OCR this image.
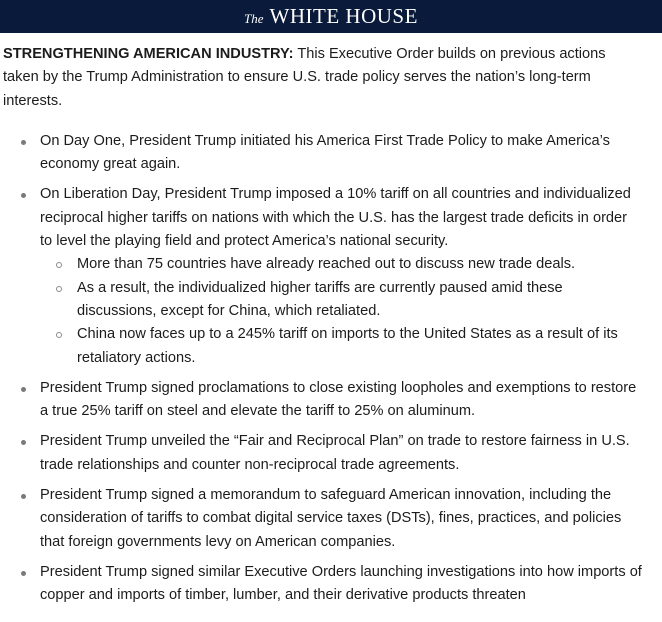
The WHITE HOUSE

STRENGTHENING AMERICAN INDUSTRY: This Executive Order builds on previous actions taken by the Trump Administration to ensure U.S. trade policy serves the nation’s long-term interests.

On Day One, President Trump initiated his America First Trade Policy to make America’s economy great again.
On Liberation Day, President Trump imposed a 10% tariff on all countries and individualized reciprocal higher tariffs on nations with which the U.S. has the largest trade deficits in order to level the playing field and protect America’s national security.
More than 75 countries have already reached out to discuss new trade deals.
As a result, the individualized higher tariffs are currently paused amid these discussions, except for China, which retaliated.
China now faces up to a 245% tariff on imports to the United States as a result of its retaliatory actions.
President Trump signed proclamations to close existing loopholes and exemptions to restore a true 25% tariff on steel and elevate the tariff to 25% on aluminum.
President Trump unveiled the “Fair and Reciprocal Plan” on trade to restore fairness in U.S. trade relationships and counter non-reciprocal trade agreements.
President Trump signed a memorandum to safeguard American innovation, including the consideration of tariffs to combat digital service taxes (DSTs), fines, practices, and policies that foreign governments levy on American companies.
President Trump signed similar Executive Orders launching investigations into how imports of copper and imports of timber, lumber, and their derivative products threaten
